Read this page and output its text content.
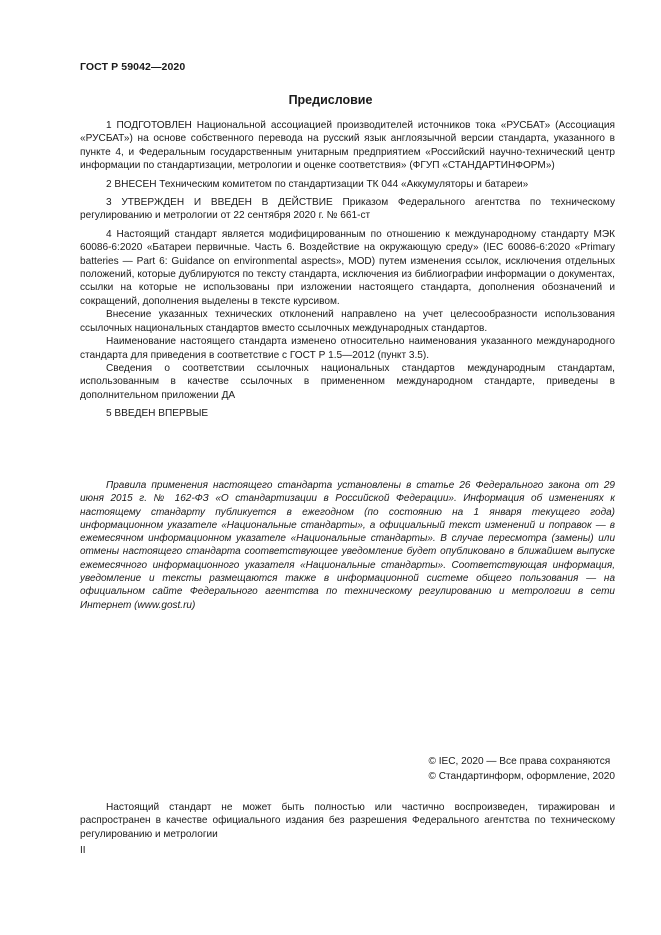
ГОСТ Р 59042—2020
Предисловие

1 ПОДГОТОВЛЕН Национальной ассоциацией производителей источников тока «РУСБАТ» (Ассоциация «РУСБАТ») на основе собственного перевода на русский язык англоязычной версии стандарта, указанного в пункте 4, и Федеральным государственным унитарным предприятием «Российский научно-технический центр информации по стандартизации, метрологии и оценке соответствия» (ФГУП «СТАНДАРТИНФОРМ»)

2 ВНЕСЕН Техническим комитетом по стандартизации ТК 044 «Аккумуляторы и батареи»

3 УТВЕРЖДЕН И ВВЕДЕН В ДЕЙСТВИЕ Приказом Федерального агентства по техническому регулированию и метрологии от 22 сентября 2020 г. № 661-ст

4 Настоящий стандарт является модифицированным по отношению к международному стандарту МЭК 60086-6:2020 «Батареи первичные. Часть 6. Воздействие на окружающую среду» (IEC 60086-6:2020 «Primary batteries — Part 6: Guidance on environmental aspects», MOD) путем изменения ссылок, исключения отдельных положений, которые дублируются по тексту стандарта, исключения из библиографии информации о документах, ссылки на которые не использованы при изложении настоящего стандарта, дополнения обозначений и сокращений, дополнения выделены в тексте курсивом.

Внесение указанных технических отклонений направлено на учет целесообразности использования ссылочных национальных стандартов вместо ссылочных международных стандартов.

Наименование настоящего стандарта изменено относительно наименования указанного международного стандарта для приведения в соответствие с ГОСТ Р 1.5—2012 (пункт 3.5).

Сведения о соответствии ссылочных национальных стандартов международным стандартам, использованным в качестве ссылочных в примененном международном стандарте, приведены в дополнительном приложении ДА

5 ВВЕДЕН ВПЕРВЫЕ

Правила применения настоящего стандарта установлены в статье 26 Федерального закона от 29 июня 2015 г. № 162-ФЗ «О стандартизации в Российской Федерации». Информация об изменениях к настоящему стандарту публикуется в ежегодном (по состоянию на 1 января текущего года) информационном указателе «Национальные стандарты», а официальный текст изменений и поправок — в ежемесячном информационном указателе «Национальные стандарты». В случае пересмотра (замены) или отмены настоящего стандарта соответствующее уведомление будет опубликовано в ближайшем выпуске ежемесячного информационного указателя «Национальные стандарты». Соответствующая информация, уведомление и тексты размещаются также в информационной системе общего пользования — на официальном сайте Федерального агентства по техническому регулированию и метрологии в сети Интернет (www.gost.ru)

© IEC, 2020 — Все права сохраняются
© Стандартинформ, оформление, 2020

Настоящий стандарт не может быть полностью или частично воспроизведен, тиражирован и распространен в качестве официального издания без разрешения Федерального агентства по техническому регулированию и метрологии

II
